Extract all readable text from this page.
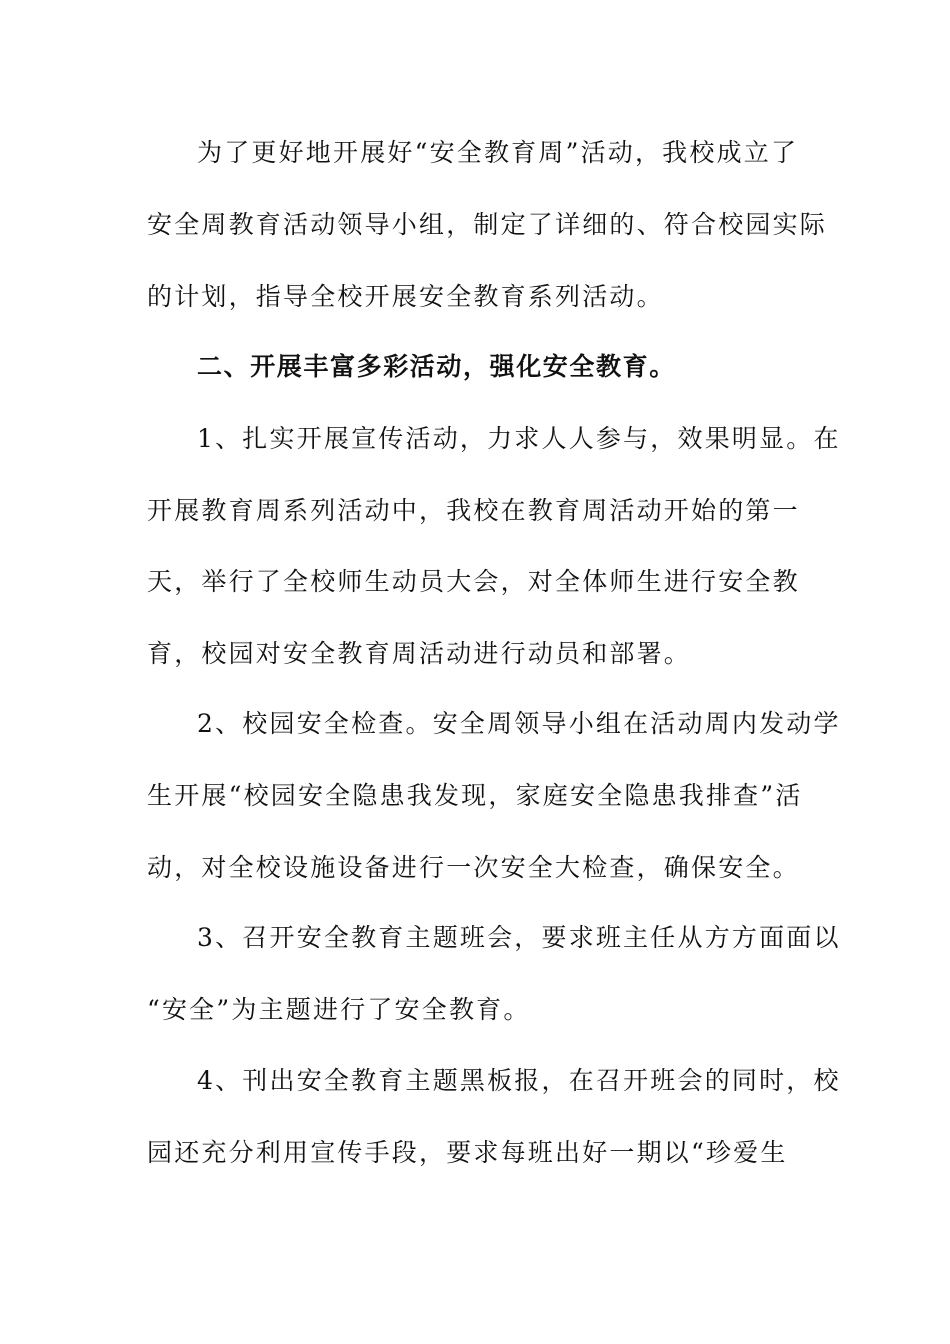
为了更好地开展好“安全教育周”活动，我校成立了
安全周教育活动领导小组，制定了详细的、符合校园实际
的计划，指导全校开展安全教育系列活动。
二、开展丰富多彩活动，强化安全教育。
1、扎实开展宣传活动，力求人人参与，效果明显。在
开展教育周系列活动中，我校在教育周活动开始的第一
天，举行了全校师生动员大会，对全体师生进行安全教
育，校园对安全教育周活动进行动员和部署。
2、校园安全检查。安全周领导小组在活动周内发动学
生开展“校园安全隐患我发现，家庭安全隐患我排查”活
动，对全校设施设备进行一次安全大检查，确保安全。
3、召开安全教育主题班会，要求班主任从方方面面以
“安全”为主题进行了安全教育。
4、刊出安全教育主题黑板报，在召开班会的同时，校
园还充分利用宣传手段，要求每班出好一期以“珍爱生
